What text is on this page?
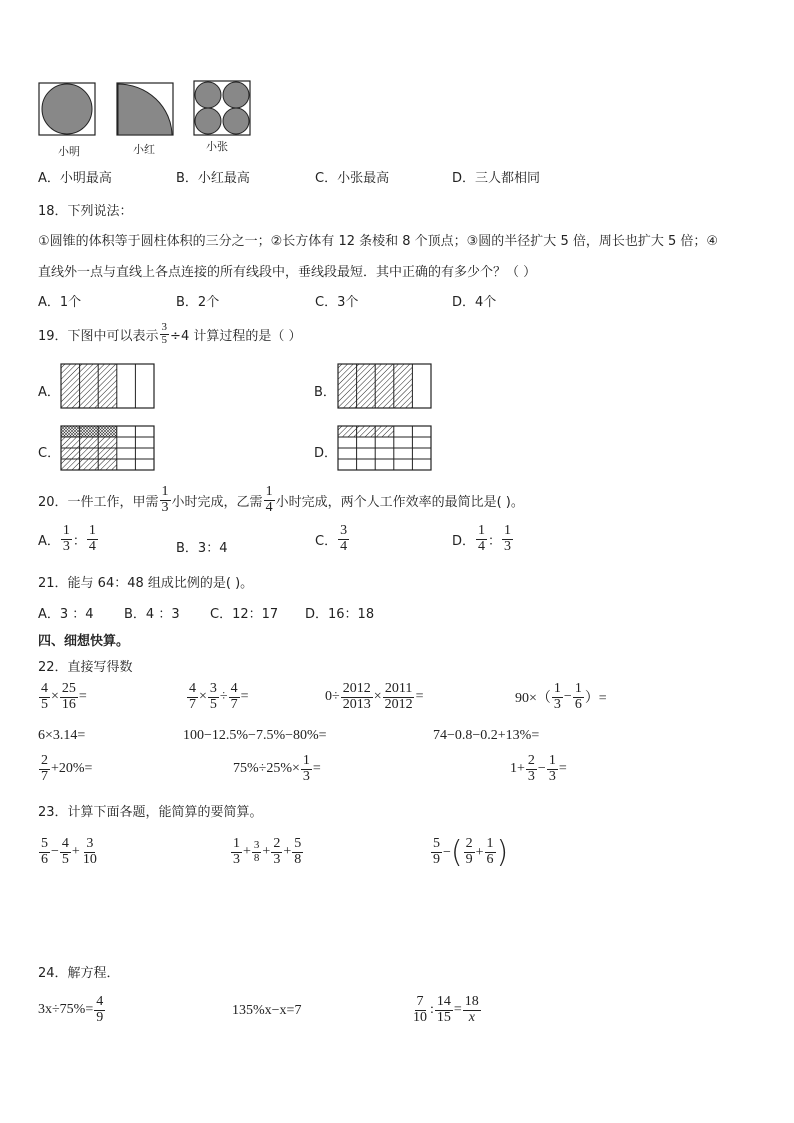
小明	小红	小张
A．小明最高	B．小红最高	C．小张最高	D．三人都相同
18．下列说法：
①圆锥的体积等于圆柱体积的三分之一；②长方体有 12 条棱和 8 个顶点；③圆的半径扩大 5 倍，周长也扩大 5 倍；④
直线外一点与直线上各点连接的所有线段中，垂线段最短．其中正确的有多少个？（ ）
A．1个	B．2个	C．3个	D．4个
19．下图中可以表示 $\frac{3}{5} \div 4$ 计算过程的是（ ）
A．	B．
C．	D．
20．一件工作，甲需 $\frac{1}{3}$ 小时完成，乙需 $\frac{1}{4}$ 小时完成，两个人工作效率的最简比是( )。
A． $\frac{1}{3}$ ： $\frac{1}{4}$	B．3：4	C． $\frac{3}{4}$	D． $\frac{1}{4}$ ： $\frac{1}{3}$
21．能与 64：48 组成比例的是( )。
A．3 ：4 B．4 ：3 C．12：17 D．16：18
四、细想快算。
22．直接写得数
$\frac{4}{5} \times \frac{25}{16}$ =	$\frac{4}{7} \times \frac{3}{5} \div \frac{4}{7}$ =	$0\div \frac{2012}{2013} \times \frac{2011}{2012}$ =	$90\times( \frac{1}{3} - \frac{1}{6}$ ）=
6×3.14=	100−12.5%−7.5%−80%=	74−0.8−0.2+13%=
$\frac{2}{7} +20\%=$	$75\%\div 25\%\times \frac{1}{3}$ =	$1+ \frac{2}{3} - \frac{1}{3}$ =
23．计算下面各题，能简算的要简算。
$\frac{5}{6} - \frac{4}{5} + \frac{3}{10}$	$\frac{1}{3} + \frac{3}{8} + \frac{2}{3} + \frac{5}{8}$	$\frac{5}{9}$ − ( $\frac{2}{9} + \frac{1}{6}$ )
24．解方程．
$3x\div 75\%= \frac{4}{9}$	135%x−x=7	$\frac{7}{10}$ : $\frac{14}{15} = \frac{18}{x}$
